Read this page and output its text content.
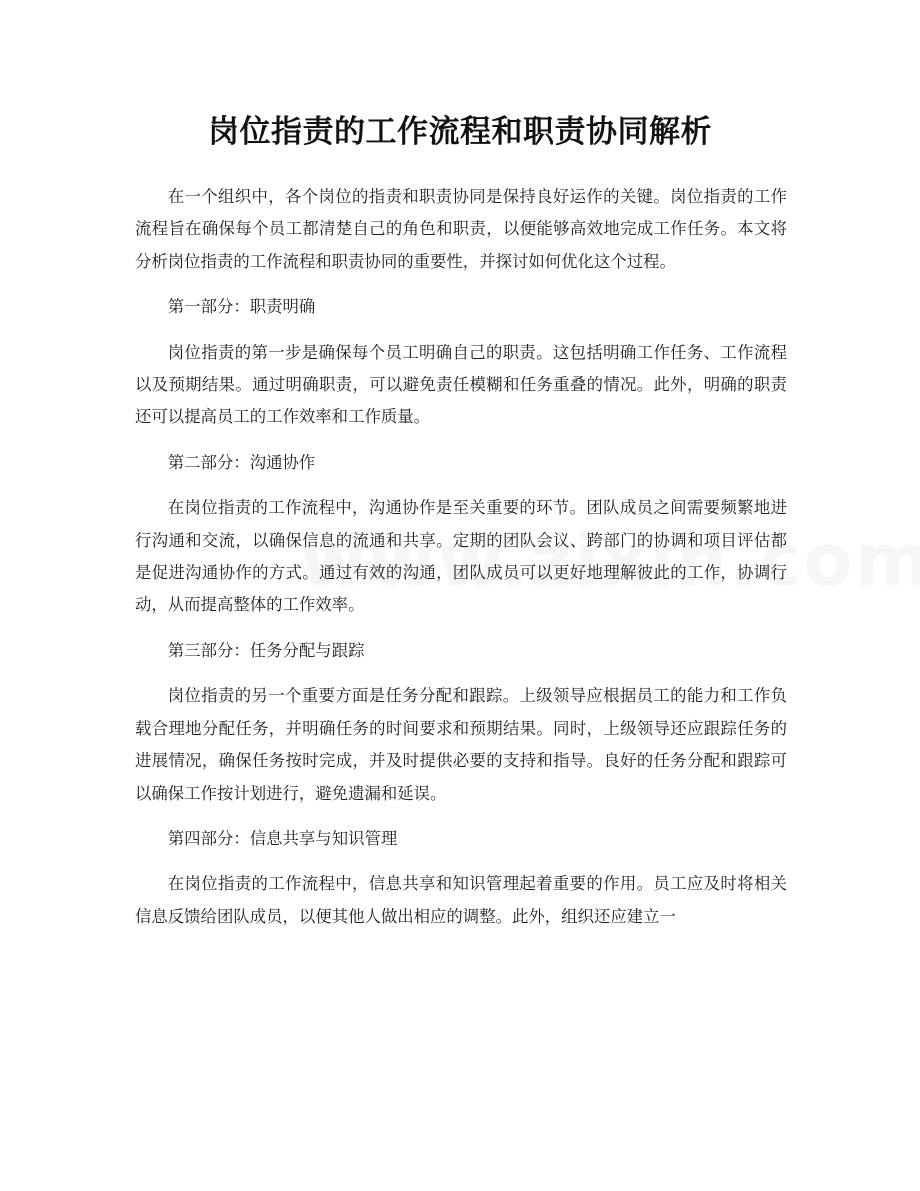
岗位指责的工作流程和职责协同解析

在一个组织中，各个岗位的指责和职责协同是保持良好运作的关键。岗位指责的工作流程旨在确保每个员工都清楚自己的角色和职责，以便能够高效地完成工作任务。本文将分析岗位指责的工作流程和职责协同的重要性，并探讨如何优化这个过程。

第一部分：职责明确

岗位指责的第一步是确保每个员工明确自己的职责。这包括明确工作任务、工作流程以及预期结果。通过明确职责，可以避免责任模糊和任务重叠的情况。此外，明确的职责还可以提高员工的工作效率和工作质量。

第二部分：沟通协作

在岗位指责的工作流程中，沟通协作是至关重要的环节。团队成员之间需要频繁地进行沟通和交流，以确保信息的流通和共享。定期的团队会议、跨部门的协调和项目评估都是促进沟通协作的方式。通过有效的沟通，团队成员可以更好地理解彼此的工作，协调行动，从而提高整体的工作效率。

第三部分：任务分配与跟踪

岗位指责的另一个重要方面是任务分配和跟踪。上级领导应根据员工的能力和工作负载合理地分配任务，并明确任务的时间要求和预期结果。同时，上级领导还应跟踪任务的进展情况，确保任务按时完成，并及时提供必要的支持和指导。良好的任务分配和跟踪可以确保工作按计划进行，避免遗漏和延误。

第四部分：信息共享与知识管理

在岗位指责的工作流程中，信息共享和知识管理起着重要的作用。员工应及时将相关信息反馈给团队成员，以便其他人做出相应的调整。此外，组织还应建立一
